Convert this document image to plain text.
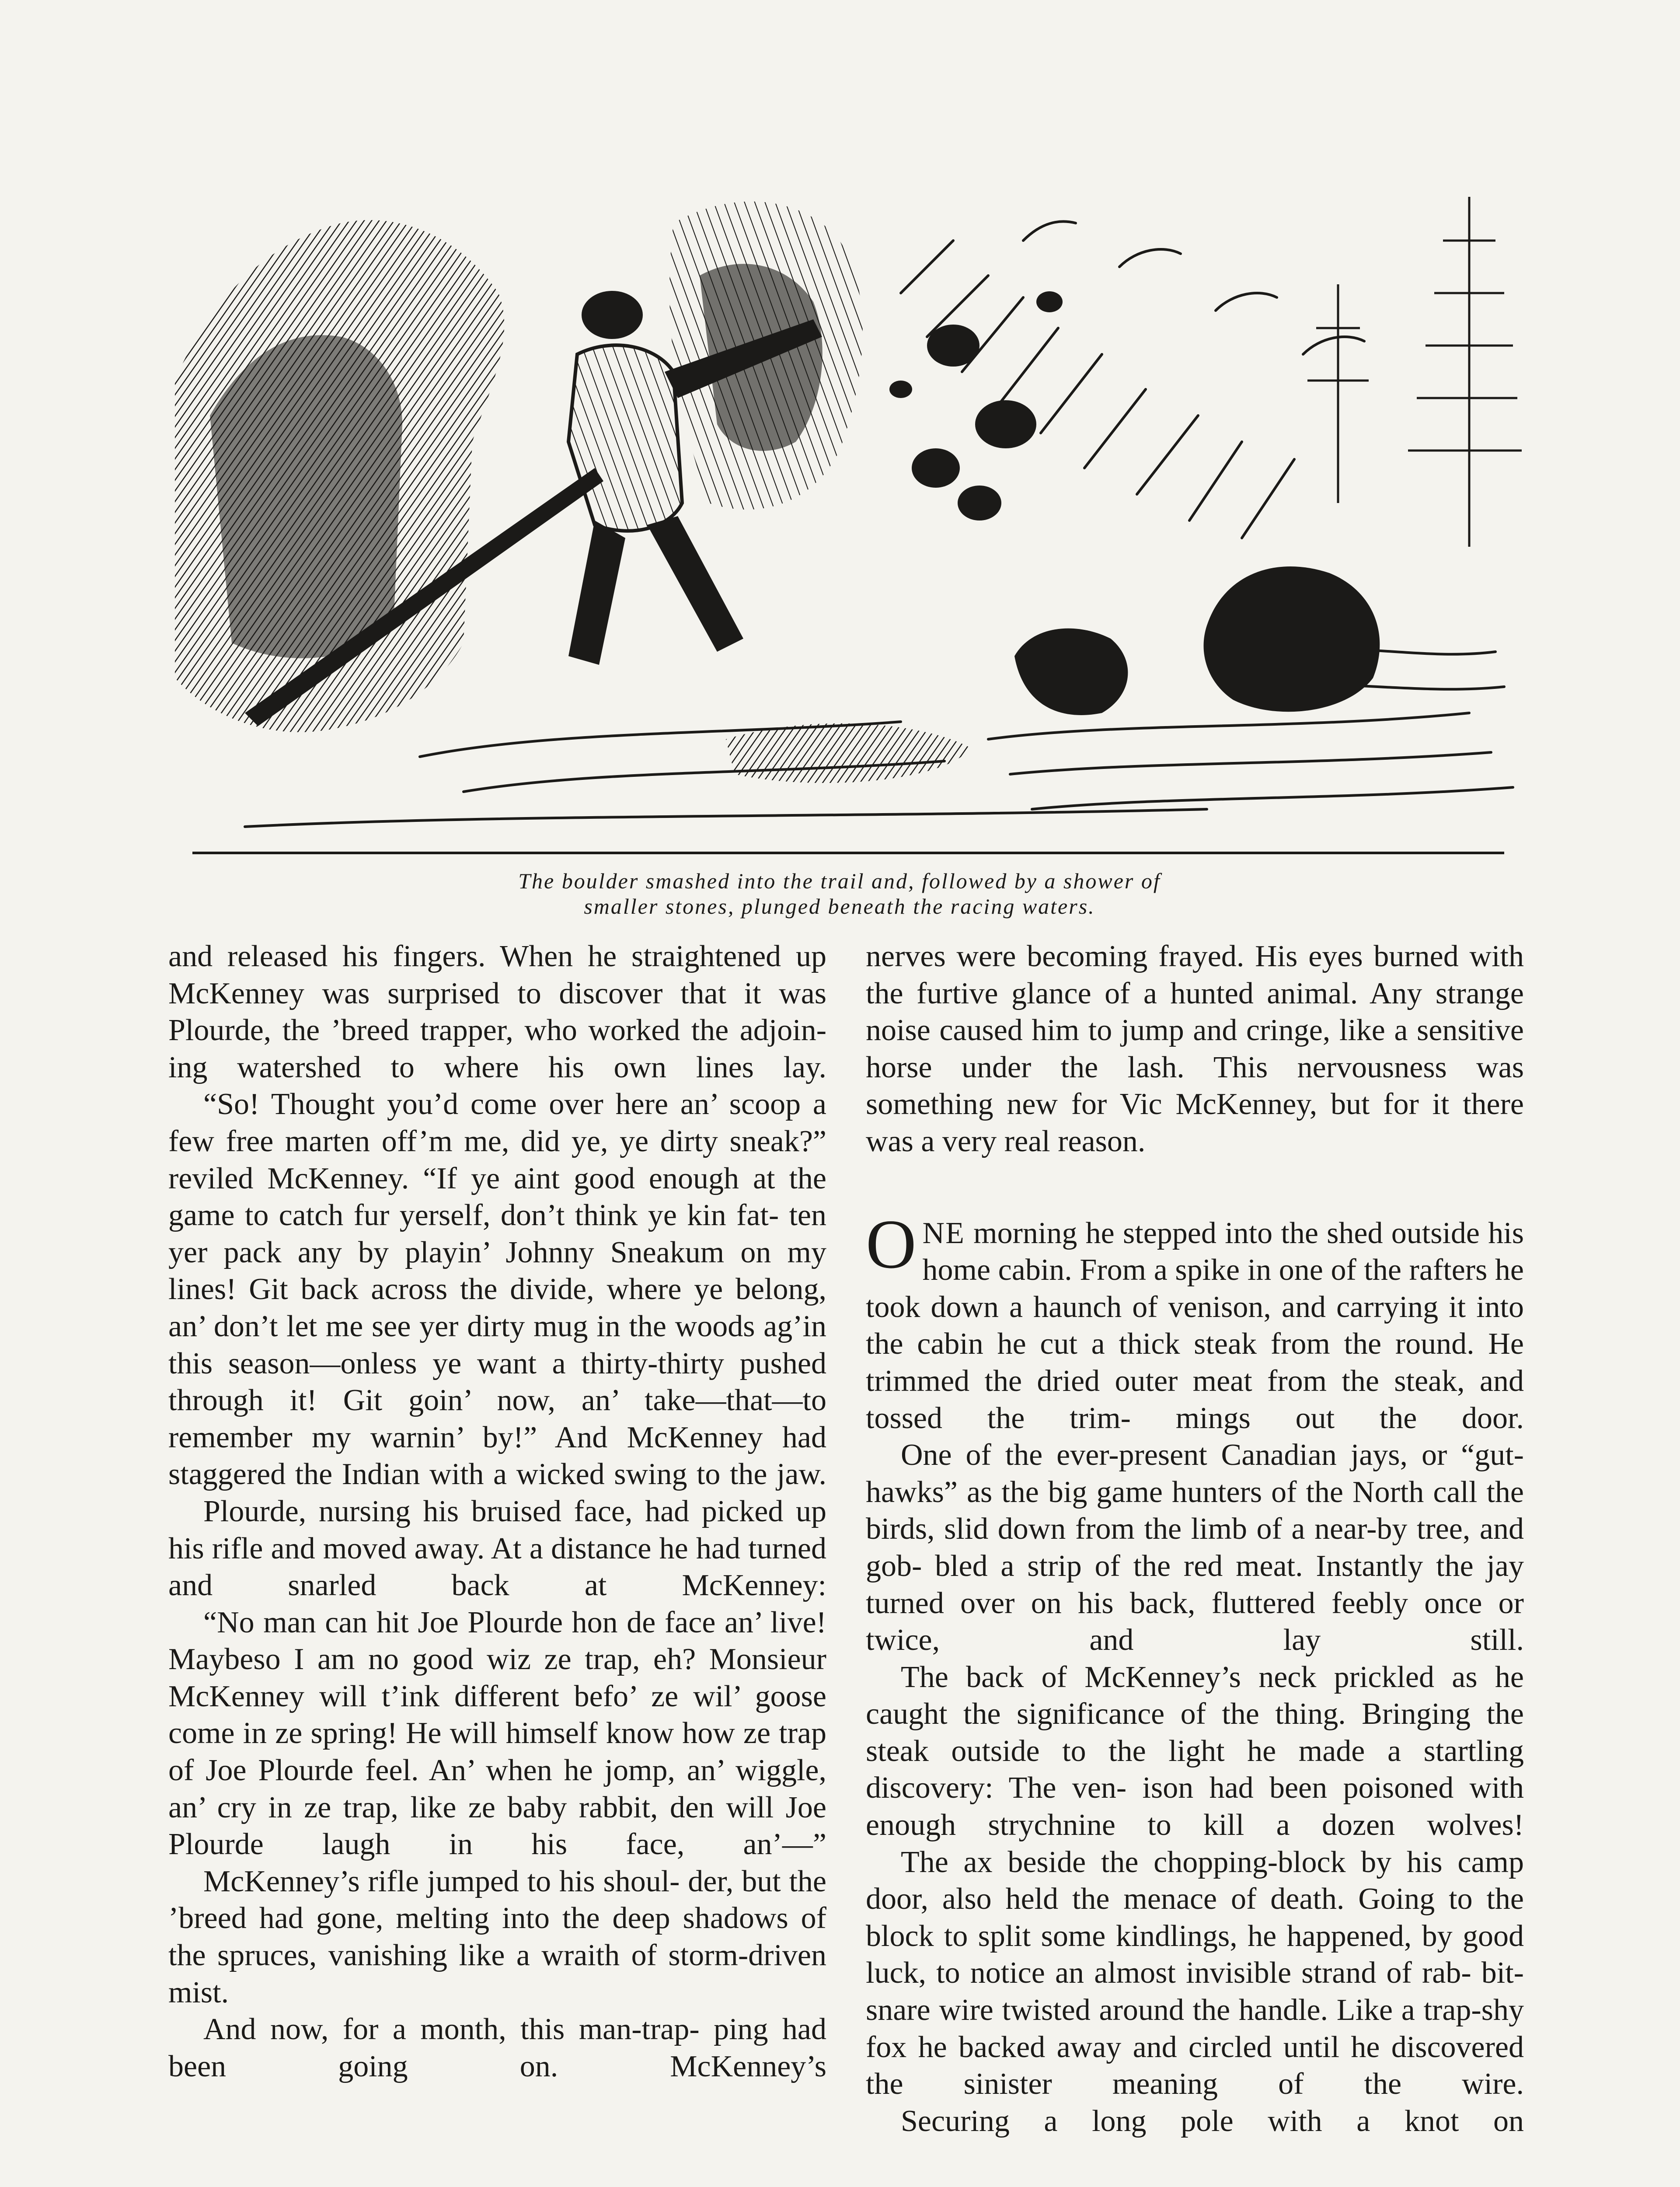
The boulder smashed into the trail and, followed by a shower of
smaller stones, plunged beneath the racing waters.

and released his fingers. When he straightened up McKenney was surprised to discover that it was Plourde, the ’breed trapper, who worked the adjoin- ing watershed to where his own lines lay.

“So! Thought you’d come over here an’ scoop a few free marten off’m me, did ye, ye dirty sneak?” reviled McKenney. “If ye aint good enough at the game to catch fur yerself, don’t think ye kin fat- ten yer pack any by playin’ Johnny Sneakum on my lines! Git back across the divide, where ye belong, an’ don’t let me see yer dirty mug in the woods ag’in this season—onless ye want a thirty-thirty pushed through it! Git goin’ now, an’ take—that—to remember my warnin’ by!” And McKenney had staggered the Indian with a wicked swing to the jaw.

Plourde, nursing his bruised face, had picked up his rifle and moved away. At a distance he had turned and snarled back at McKenney:

“No man can hit Joe Plourde hon de face an’ live! Maybeso I am no good wiz ze trap, eh? Monsieur McKenney will t’ink different befo’ ze wil’ goose come in ze spring! He will himself know how ze trap of Joe Plourde feel. An’ when he jomp, an’ wiggle, an’ cry in ze trap, like ze baby rabbit, den will Joe Plourde laugh in his face, an’—”

McKenney’s rifle jumped to his shoul- der, but the ’breed had gone, melting into the deep shadows of the spruces, vanishing like a wraith of storm-driven mist.

And now, for a month, this man-trap- ping had been going on. McKenney’s

nerves were becoming frayed. His eyes burned with the furtive glance of a hunted animal. Any strange noise caused him to jump and cringe, like a sensitive horse under the lash. This nervousness was something new for Vic McKenney, but for it there was a very real reason.

ONE morning he stepped into the shed outside his home cabin. From a spike in one of the rafters he took down a haunch of venison, and carrying it into the cabin he cut a thick steak from the round. He trimmed the dried outer meat from the steak, and tossed the trim- mings out the door.

One of the ever-present Canadian jays, or “gut-hawks” as the big game hunters of the North call the birds, slid down from the limb of a near-by tree, and gob- bled a strip of the red meat. Instantly the jay turned over on his back, fluttered feebly once or twice, and lay still.

The back of McKenney’s neck prickled as he caught the significance of the thing. Bringing the steak outside to the light he made a startling discovery: The ven- ison had been poisoned with enough strychnine to kill a dozen wolves!

The ax beside the chopping-block by his camp door, also held the menace of death. Going to the block to split some kindlings, he happened, by good luck, to notice an almost invisible strand of rab- bit-snare wire twisted around the handle. Like a trap-shy fox he backed away and circled until he discovered the sinister meaning of the wire.

Securing a long pole with a knot on
